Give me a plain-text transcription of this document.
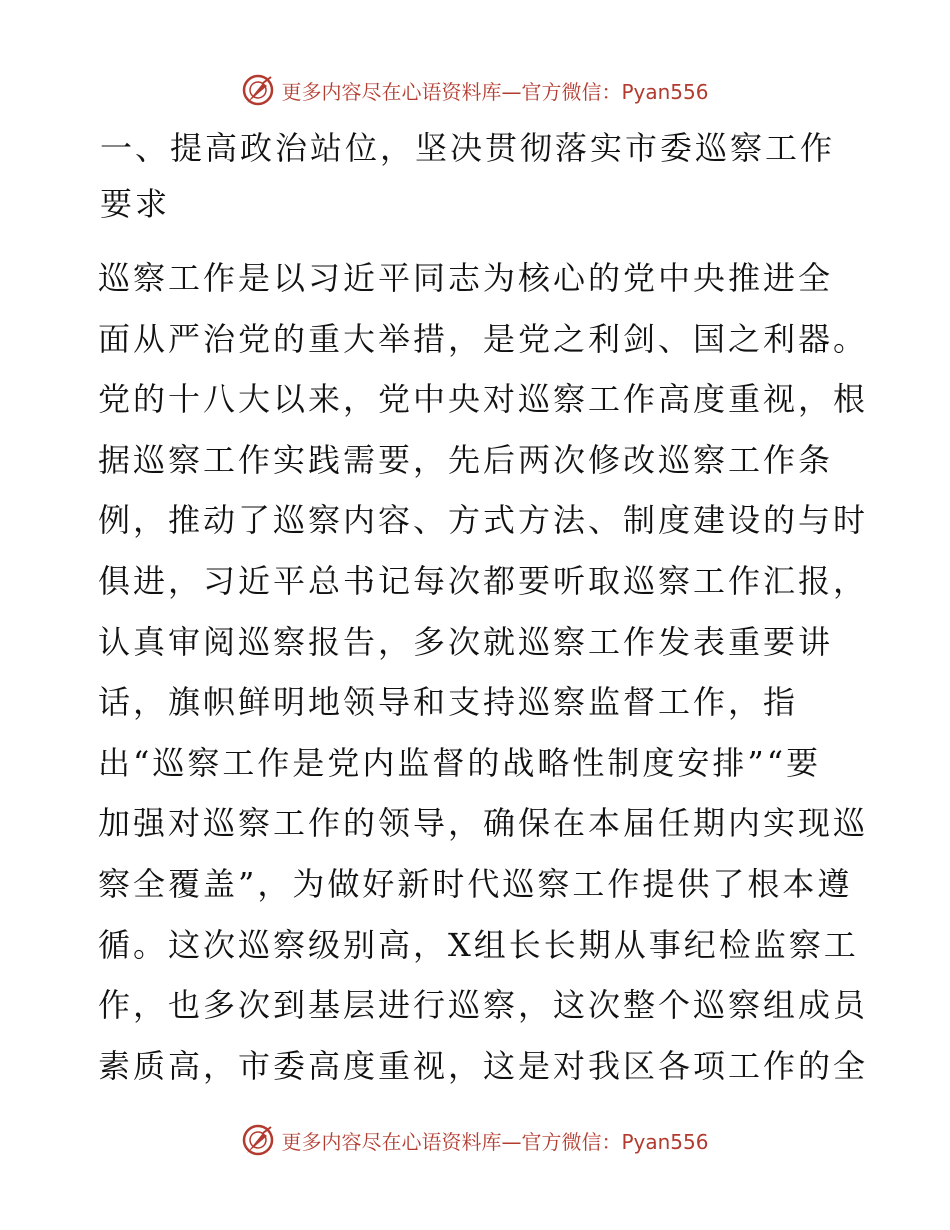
更多内容尽在心语资料库—官方微信：Pyan556
一、提高政治站位，坚决贯彻落实市委巡察工作
要求
巡察工作是以习近平同志为核心的党中央推进全
面从严治党的重大举措，是党之利剑、国之利器。
党的十八大以来，党中央对巡察工作高度重视，根
据巡察工作实践需要，先后两次修改巡察工作条
例，推动了巡察内容、方式方法、制度建设的与时
俱进，习近平总书记每次都要听取巡察工作汇报，
认真审阅巡察报告，多次就巡察工作发表重要讲
话，旗帜鲜明地领导和支持巡察监督工作，指
出“巡察工作是党内监督的战略性制度安排”“要
加强对巡察工作的领导，确保在本届任期内实现巡
察全覆盖”，为做好新时代巡察工作提供了根本遵
循。这次巡察级别高，X组长长期从事纪检监察工
作，也多次到基层进行巡察，这次整个巡察组成员
素质高，市委高度重视，这是对我区各项工作的全
更多内容尽在心语资料库—官方微信：Pyan556
